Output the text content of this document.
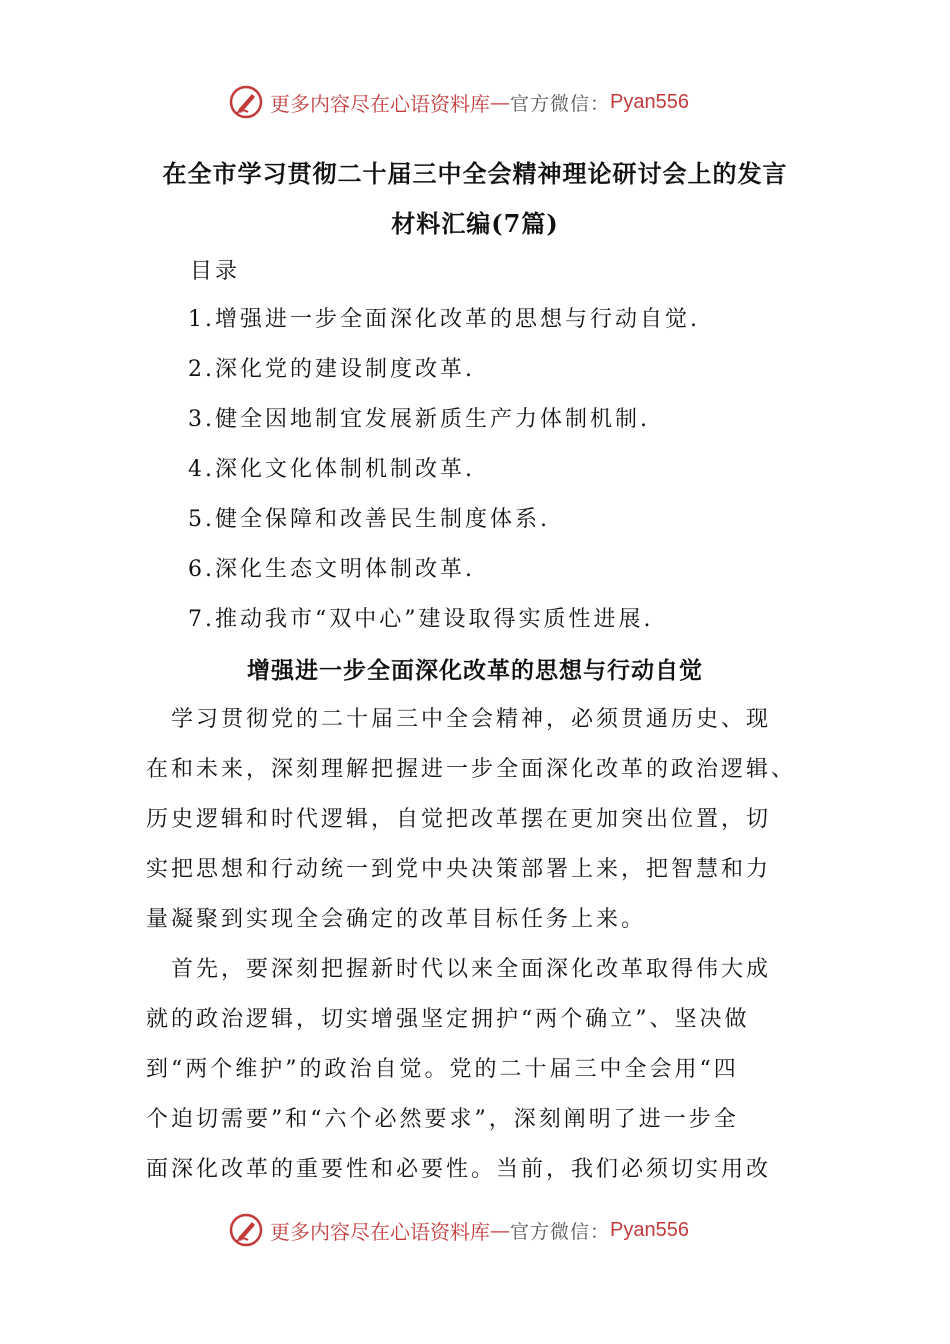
更多内容尽在心语资料库 — 官方微信： Pyan556
在全市学习贯彻二十届三中全会精神理论研讨会上的发言
材料汇编(7篇)
目录
1.增强进一步全面深化改革的思想与行动自觉.
2.深化党的建设制度改革.
3.健全因地制宜发展新质生产力体制机制.
4.深化文化体制机制改革.
5.健全保障和改善民生制度体系.
6.深化生态文明体制改革.
7.推动我市“双中心”建设取得实质性进展.
增强进一步全面深化改革的思想与行动自觉
　学习贯彻党的二十届三中全会精神，必须贯通历史、现
在和未来，深刻理解把握进一步全面深化改革的政治逻辑、
历史逻辑和时代逻辑，自觉把改革摆在更加突出位置，切
实把思想和行动统一到党中央决策部署上来，把智慧和力
量凝聚到实现全会确定的改革目标任务上来。
　首先，要深刻把握新时代以来全面深化改革取得伟大成
就的政治逻辑，切实增强坚定拥护“两个确立”、坚决做
到“两个维护”的政治自觉。党的二十届三中全会用“四
个迫切需要”和“六个必然要求”，深刻阐明了进一步全
面深化改革的重要性和必要性。当前，我们必须切实用改
更多内容尽在心语资料库 — 官方微信： Pyan556
